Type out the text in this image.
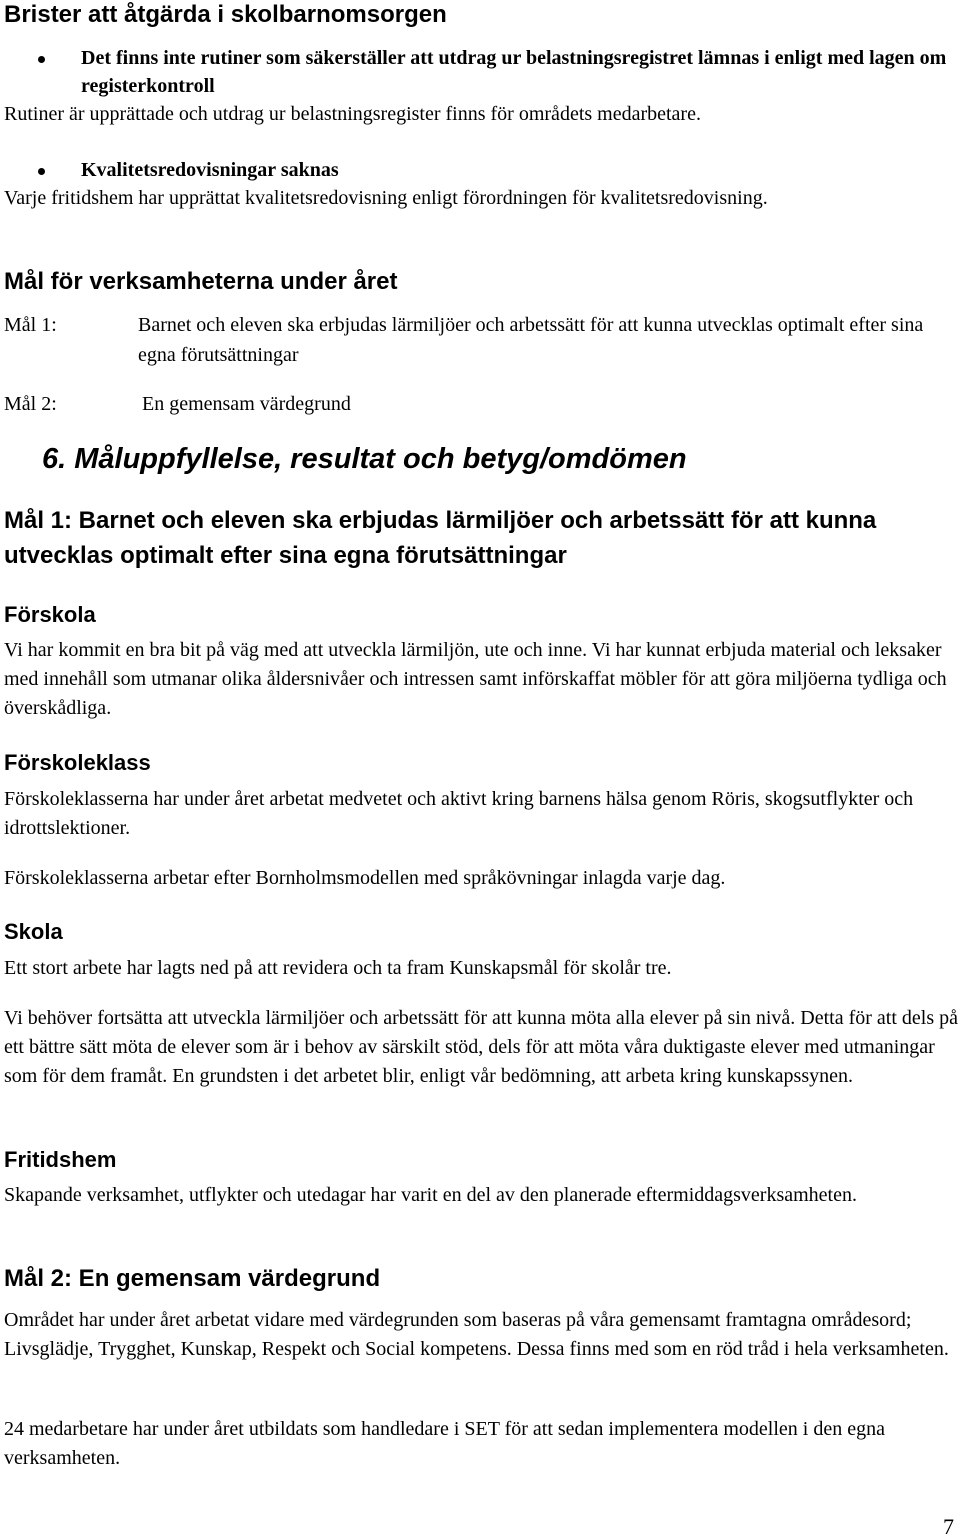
Brister att åtgärda i skolbarnomsorgen
Det finns inte rutiner som säkerställer att utdrag ur belastningsregistret lämnas i enligt med lagen om registerkontroll

Rutiner är upprättade och utdrag ur belastningsregister finns för områdets medarbetare.

Kvalitetsredovisningar saknas

Varje fritidshem har upprättat kvalitetsredovisning enligt förordningen för kvalitetsredovisning.

Mål för verksamheterna under året
Mål 1:	Barnet och eleven ska erbjudas lärmiljöer och arbetssätt för att kunna utvecklas optimalt efter sina egna förutsättningar
Mål 2:	En gemensam värdegrund
6. Måluppfyllelse, resultat och betyg/omdömen
Mål 1: Barnet och eleven ska erbjudas lärmiljöer och arbetssätt för att kunna utvecklas optimalt efter sina egna förutsättningar
Förskola

Vi har kommit en bra bit på väg med att utveckla lärmiljön, ute och inne. Vi har kunnat erbjuda material och leksaker med innehåll som utmanar olika åldersnivåer och intressen samt införskaffat möbler för att göra miljöerna tydliga och överskådliga.

Förskoleklass

Förskoleklasserna har under året arbetat medvetet och aktivt kring barnens hälsa genom Röris, skogsutflykter och idrottslektioner.

Förskoleklasserna arbetar efter Bornholmsmodellen med språkövningar inlagda varje dag.

Skola

Ett stort arbete har lagts ned på att revidera och ta fram Kunskapsmål för skolår tre.

Vi behöver fortsätta att utveckla lärmiljöer och arbetssätt för att kunna möta alla elever på sin nivå. Detta för att dels på ett bättre sätt möta de elever som är i behov av särskilt stöd, dels för att möta våra duktigaste elever med utmaningar som för dem framåt. En grundsten i det arbetet blir, enligt vår bedömning, att arbeta kring kunskapssynen.

Fritidshem

Skapande verksamhet, utflykter och utedagar har varit en del av den planerade eftermiddagsverksamheten.

Mål 2: En gemensam värdegrund

Området har under året arbetat vidare med värdegrunden som baseras på våra gemensamt framtagna områdesord; Livsglädje, Trygghet, Kunskap, Respekt och Social kompetens. Dessa finns med som en röd tråd i hela verksamheten.

24 medarbetare har under året utbildats som handledare i SET för att sedan implementera modellen i den egna verksamheten.

7
